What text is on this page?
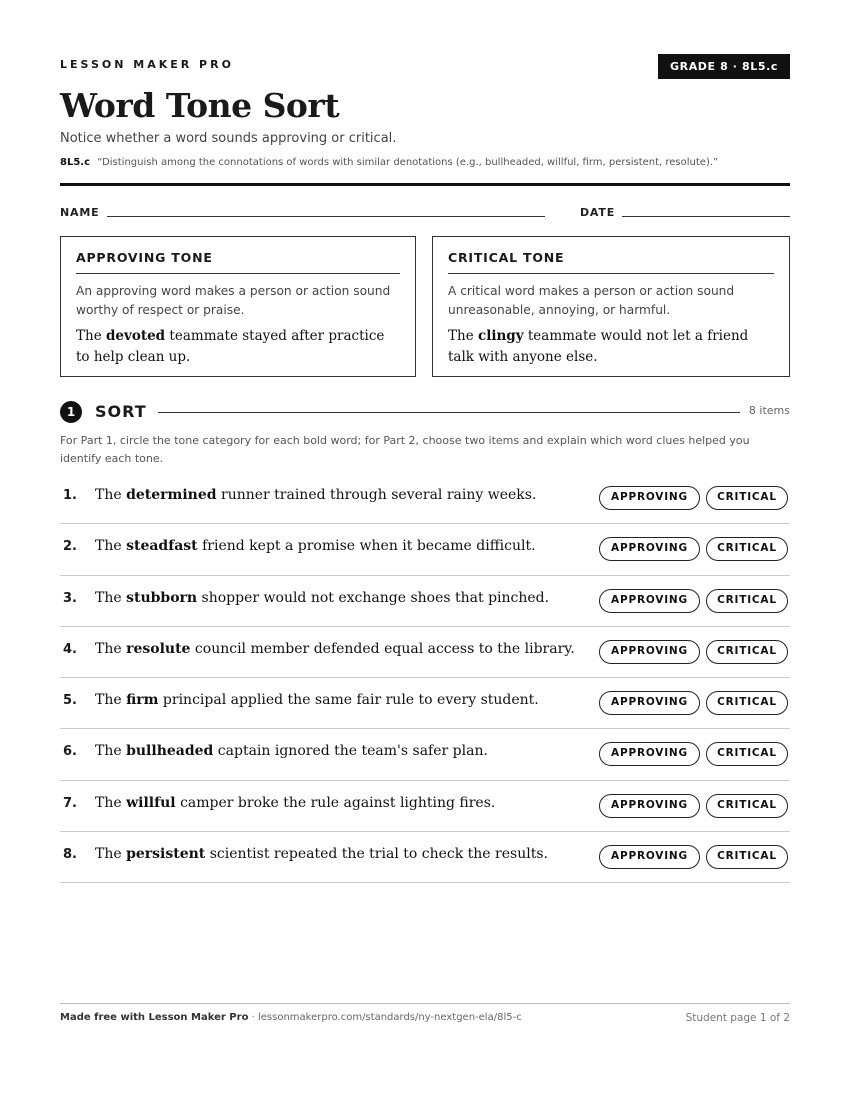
LESSON MAKER PRO	GRADE 8 · 8L5.c
Word Tone Sort
Notice whether a word sounds approving or critical.
8L5.c “Distinguish among the connotations of words with similar denotations (e.g., bullheaded, willful, firm, persistent, resolute).”
NAME	DATE
APPROVING TONE
An approving word makes a person or action sound worthy of respect or praise.
The devoted teammate stayed after practice to help clean up.
CRITICAL TONE
A critical word makes a person or action sound unreasonable, annoying, or harmful.
The clingy teammate would not let a friend talk with anyone else.
1	SORT	8 items
For Part 1, circle the tone category for each bold word; for Part 2, choose two items and explain which word clues helped you identify each tone.
1. The determined runner trained through several rainy weeks.	APPROVING	CRITICAL
2. The steadfast friend kept a promise when it became difficult.	APPROVING	CRITICAL
3. The stubborn shopper would not exchange shoes that pinched.	APPROVING	CRITICAL
4. The resolute council member defended equal access to the library.	APPROVING	CRITICAL
5. The firm principal applied the same fair rule to every student.	APPROVING	CRITICAL
6. The bullheaded captain ignored the team's safer plan.	APPROVING	CRITICAL
7. The willful camper broke the rule against lighting fires.	APPROVING	CRITICAL
8. The persistent scientist repeated the trial to check the results.	APPROVING	CRITICAL
Made free with Lesson Maker Pro · lessonmakerpro.com/standards/ny-nextgen-ela/8l5-c	Student page 1 of 2
